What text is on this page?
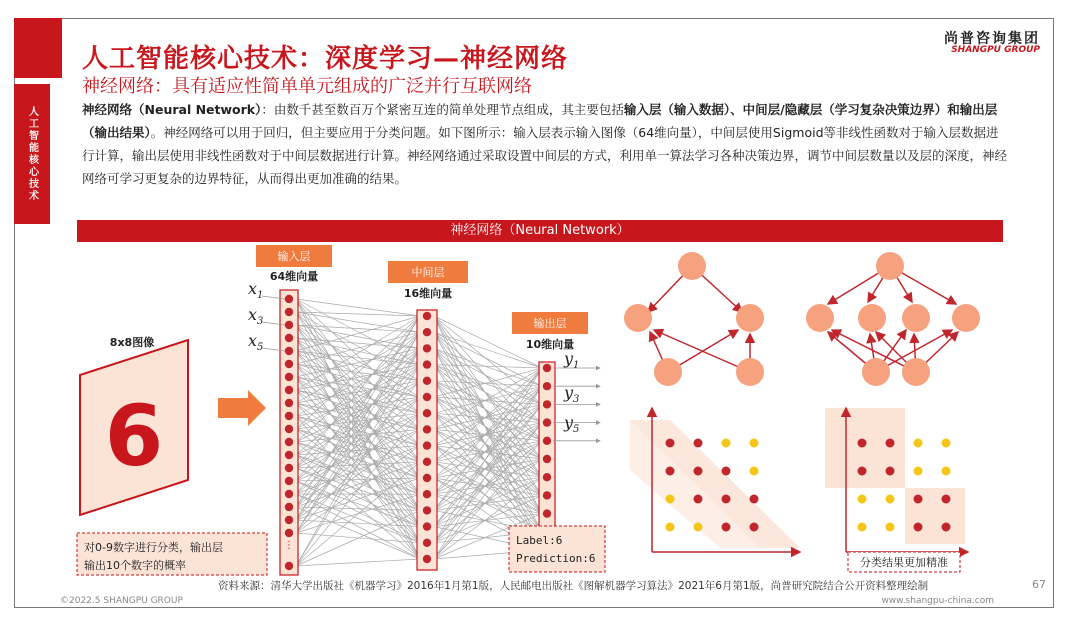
人工智能核心技术
人工智能核心技术：深度学习—神经网络
神经网络：具有适应性简单单元组成的广泛并行互联网络
尚普咨询集团
SHANGPU GROUP
神经网络（Neural Network）：由数千甚至数百万个紧密互连的简单处理节点组成，其主要包括输入层（输入数据）、中间层/隐藏层（学习复杂决策边界）和输出层（输出结果）。神经网络可以用于回归，但主要应用于分类问题。如下图所示：输入层表示输入图像（64维向量），中间层使用Sigmoid等非线性函数对于输入层数据进行计算，输出层使用非线性函数对于中间层数据进行计算。神经网络通过采取设置中间层的方式，利用单一算法学习各种决策边界，调节中间层数量以及层的深度，神经网络可学习更复杂的边界特征，从而得出更加准确的结果。
神经网络（Neural Network）
8x8图像
6
输入层
64维向量	中间层
16维向量
输出层
10维向量
⋮
$x_1$
$x_3$
$x_5$
$y_1$
$y_3$
$y_5$
对0-9数字进行分类，输出层
输出10个数字的概率
Label:6
Prediction:6	分类结果更加精准
资料来源：清华大学出版社《机器学习》2016年1月第1版，人民邮电出版社《图解机器学习算法》2021年6月第1版，尚普研究院结合公开资料整理绘制	67
©2022.5 SHANGPU GROUP	www.shangpu-china.com
